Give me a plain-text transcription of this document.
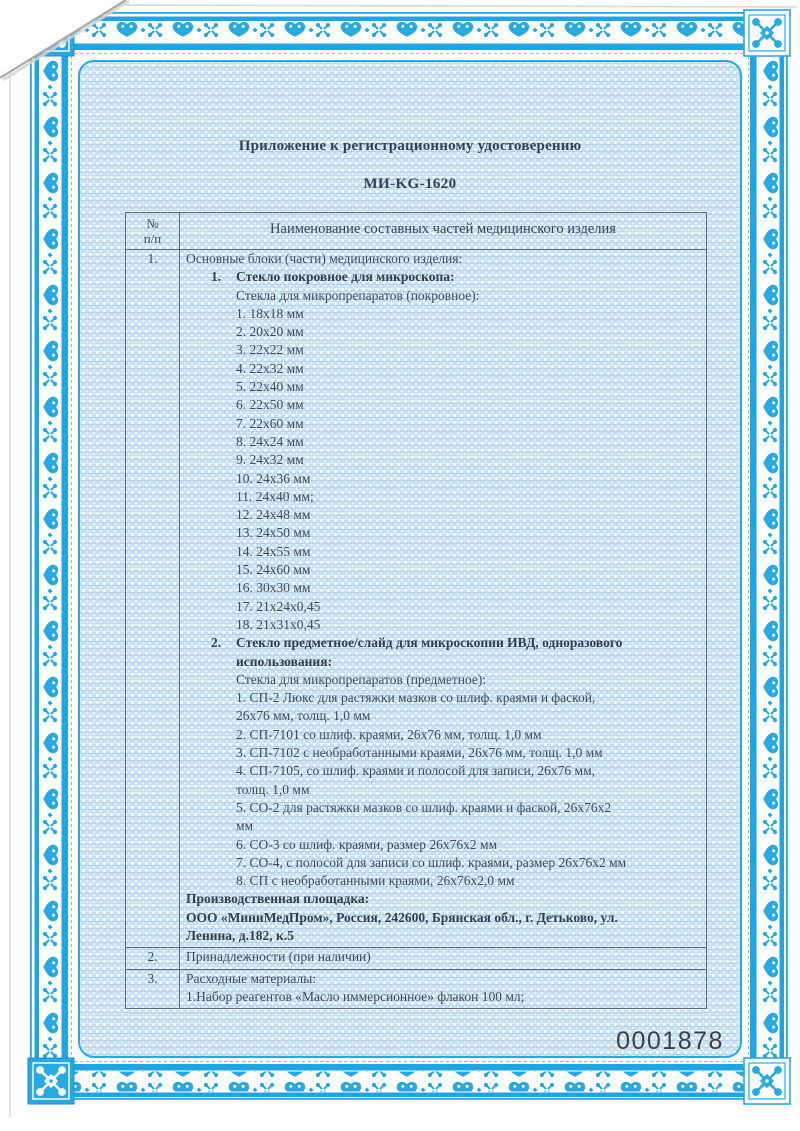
Приложение к регистрационному удостоверению
МИ-KG-1620
№
п/п	Наименование составных частей медицинского изделия
1.	Основные блоки (части) медицинского изделия:
1.	Стекло покровное для микроскопа:
Стекла для микропрепаратов (покровное):
1. 18х18 мм
2. 20х20 мм
3. 22х22 мм
4. 22х32 мм
5. 22х40 мм
6. 22х50 мм
7. 22х60 мм
8. 24х24 мм
9. 24х32 мм
10. 24х36 мм
11. 24х40 мм;
12. 24х48 мм
13. 24х50 мм
14. 24х55 мм
15. 24х60 мм
16. 30х30 мм
17. 21х24х0,45
18. 21х31х0,45
2.	Стекло предметное/слайд для микроскопии ИВД, одноразового
использования:
Стекла для микропрепаратов (предметное):
1. СП-2 Люкс для растяжки мазков со шлиф. краями и фаской,
26х76 мм, толщ. 1,0 мм
2. СП-7101 со шлиф. краями, 26х76 мм, толщ. 1,0 мм
3. СП-7102 с необработанными краями, 26х76 мм, толщ. 1,0 мм
4. СП-7105, со шлиф. краями и полосой для записи, 26х76 мм,
толщ. 1,0 мм
5. СО-2 для растяжки мазков со шлиф. краями и фаской, 26х76х2
мм
6. СО-3 со шлиф. краями, размер 26х76х2 мм
7. СО-4, с полосой для записи со шлиф. краями, размер 26х76х2 мм
8. СП с необработанными краями, 26х76х2,0 мм
Производственная площадка:
ООО «МиниМедПром», Россия, 242600, Брянская обл., г. Детьково, ул.
Ленина, д.182, к.5

2.	Принадлежности (при наличии)

3.	Расходные материалы:
1.Набор реагентов «Масло иммерсионное» флакон 100 мл;
0001878
